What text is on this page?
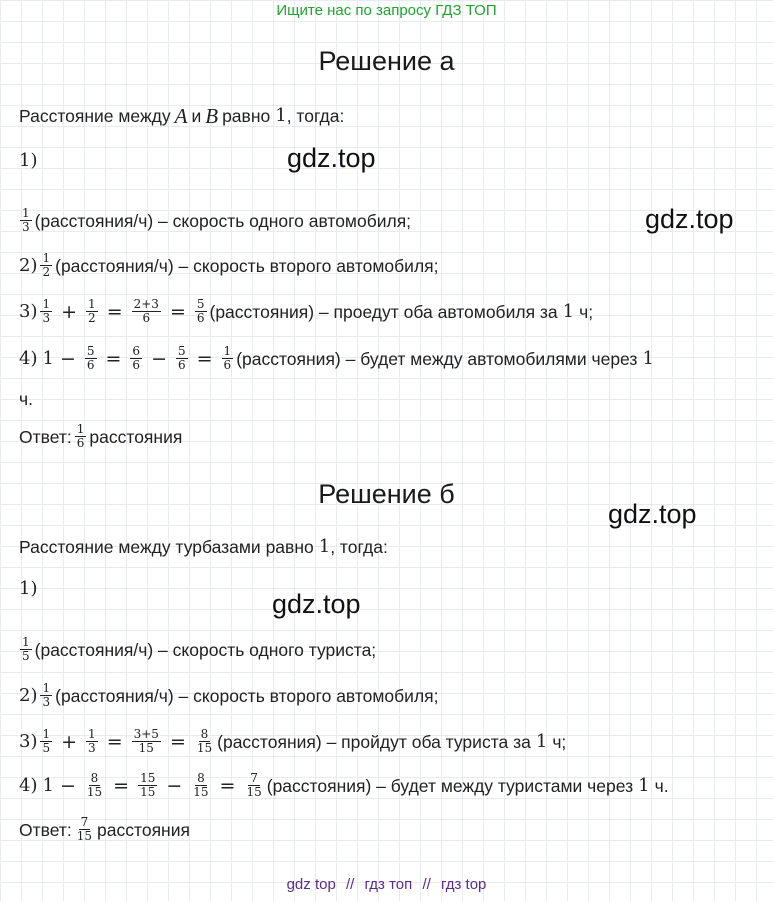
Ищите нас по запросу ГДЗ ТОП
Решение а
Расстояние между A и B равно 1 , тогда:
1)	gdz.top
$\frac{1}{3}$ (расстояния/ч) – скорость одного автомобиля;	gdz.top
$2) \frac{1}{2}$ (расстояния/ч) – скорость второго автомобиля;
$3) \frac{1}{3} + \frac{1}{2} = \frac{2+3}{6} = \frac{5}{6}$ (расстояния) – проедут оба автомобиля за 1 ч;
4) $1 - \frac{5}{6} = \frac{6}{6} - \frac{5}{6} = \frac{1}{6}$ (расстояния) – будет между автомобилями через 1
ч.
Ответ: $\frac{1}{6}$ расстояния
Решение б
gdz.top
Расстояние между турбазами равно 1 , тогда:
1)
gdz.top
$\frac{1}{5}$ (расстояния/ч) – скорость одного туриста;
$2) \frac{1}{3}$ (расстояния/ч) – скорость второго автомобиля;
$3) \frac{1}{5} + \frac{1}{3} = \frac{3+5}{15} = \frac{8}{15}$ (расстояния) – пройдут оба туриста за 1 ч;
4) $1 - \frac{8}{15} = \frac{15}{15} - \frac{8}{15} = \frac{7}{15}$ (расстояния) – будет между туристами через 1 ч.
Ответ: $\frac{7}{15}$ расстояния
gdz top // гдз топ // гдз top
